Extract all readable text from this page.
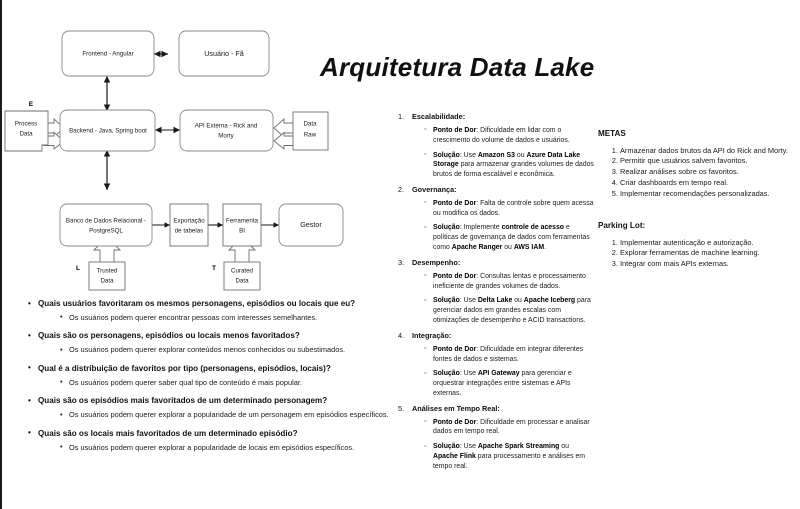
E
L	T
Frontend - Angular	Usuário - Fã
Process
Data	Backend - Java, Spring boot
API Externa - Rick and
Morty
Data
Raw
Banco de Dados Relacional -
PostgreSQL
Exportação
de tabelas
Ferramenta
BI
Gestor
Trusted
Data
Curated
Data
Arquitetura Data Lake
• Quais usuários favoritaram os mesmos personagens, episódios ou locais que eu?
• Os usuários podem querer encontrar pessoas com interesses semelhantes.
• Quais são os personagens, episódios ou locais menos favoritados?
• Os usuários podem querer explorar conteúdos menos conhecidos ou subestimados.
• Qual é a distribuição de favoritos por tipo (personagens, episódios, locais)?
• Os usuários podem querer saber qual tipo de conteúdo é mais popular.
• Quais são os episódios mais favoritados de um determinado personagem?
• Os usuários podem querer explorar a popularidade de um personagem em episódios específicos.
• Quais são os locais mais favoritados de um determinado episódio?
• Os usuários podem querer explorar a popularidade de locais em episódios específicos.
Escalabilidade:
◦ Ponto de Dor: Dificuldade em lidar com o crescimento do volume de dados e usuários.
◦ Solução: Use Amazon S3 ou Azure Data Lake Storage para armazenar grandes volumes de dados brutos de forma escalável e econômica.
Governança:
◦ Ponto de Dor: Falta de controle sobre quem acessa ou modifica os dados.
◦ Solução: Implemente controle de acesso e políticas de governança de dados com ferramentas como Apache Ranger ou AWS IAM.
Desempenho:
◦ Ponto de Dor: Consultas lentas e processamento ineficiente de grandes volumes de dados.
◦ Solução: Use Delta Lake ou Apache Iceberg para gerenciar dados em grandes escalas com otimizações de desempenho e ACID transactions.
Integração:
◦ Ponto de Dor: Dificuldade em integrar diferentes fontes de dados e sistemas.
◦ Solução: Use API Gateway para gerenciar e orquestrar integrações entre sistemas e APIs externas.
Análises em Tempo Real:
◦ Ponto de Dor: Dificuldade em processar e analisar dados em tempo real.
◦ Solução: Use Apache Spark Streaming ou Apache Flink para processamento e análises em tempo real.
METAS
1. Armazenar dados brutos da API do Rick and Morty.
2. Permitir que usuários salvem favoritos.
3. Realizar análises sobre os favoritos.
4. Criar dashboards em tempo real.
5. Implementar recomendações personalizadas.
Parking Lot:
1. Implementar autenticação e autorização.
2. Explorar ferramentas de machine learning.
3. Integrar com mais APIs externas.
